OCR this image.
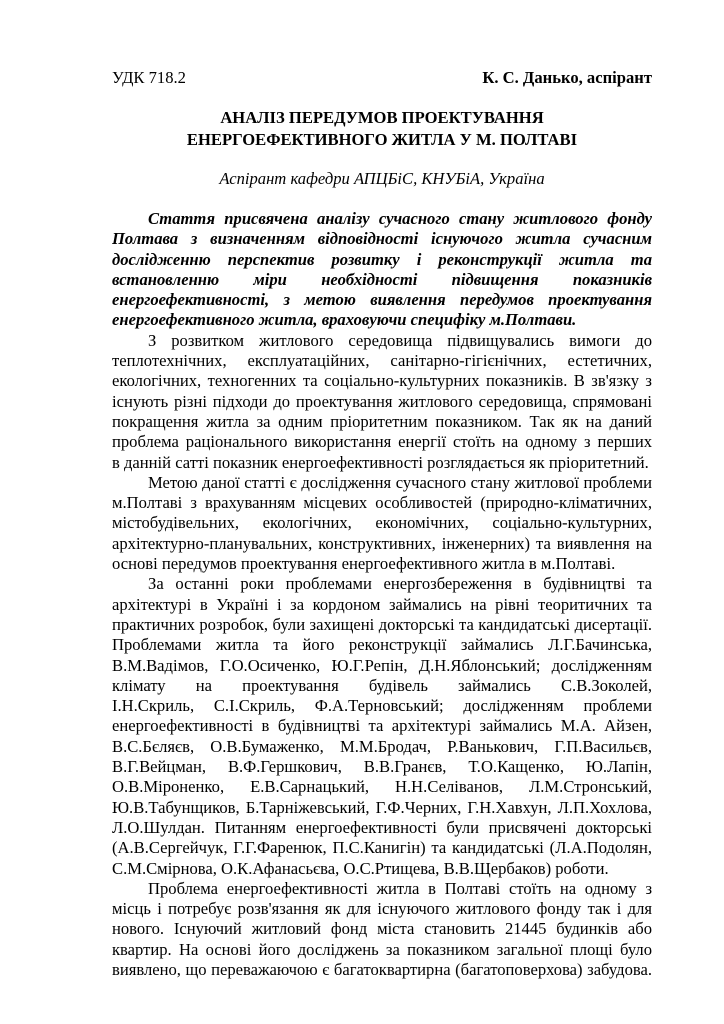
УДК 718.2	К. С. Данько, аспірант
АНАЛІЗ ПЕРЕДУМОВ ПРОЕКТУВАННЯ
ЕНЕРГОЕФЕКТИВНОГО ЖИТЛА У М. ПОЛТАВІ
Аспірант кафедри АПЦБіС, КНУБіА, Україна
Стаття присвячена аналізу сучасного стану житлового фонду
Полтава з визначенням відповідності існуючого житла сучасним
дослідженню перспектив розвитку і реконструкції житла та
встановленню міри необхідності підвищення показників
енергоефективності, з метою виявлення передумов проектування
енергоефективного житла, враховуючи специфіку м.Полтави.
З розвитком житлового середовища підвищувались вимоги до
теплотехнічних, експлуатаційних, санітарно-гігієнічних, естетичних,
екологічних, техногенних та соціально-культурних показників. В зв'язку з
існують різні підходи до проектування житлового середовища, спрямовані
покращення житла за одним пріоритетним показником. Так як на даний
проблема раціонального використання енергії стоїть на одному з перших
в данній сатті показник енергоефективності розглядається як пріоритетний.
Метою даної статті є дослідження сучасного стану житлової проблеми
м.Полтаві з врахуванням місцевих особливостей (природно-кліматичних,
містобудівельних, екологічних, економічних, соціально-культурних,
архітектурно-планувальних, конструктивних, інженерних) та виявлення на
основі передумов проектування енергоефективного житла в м.Полтаві.
За останні роки проблемами енергозбереження в будівництві та
архітектурі в Україні і за кордоном займались на рівні теоритичних та
практичних розробок, були захищені докторські та кандидатські дисертації.
Проблемами житла та його реконструкції займались Л.Г.Бачинська,
В.М.Вадімов, Г.О.Осиченко, Ю.Г.Репін, Д.Н.Яблонський; дослідженням
клімату на проектування будівель займались С.В.Зоколей,
І.Н.Скриль, С.І.Скриль, Ф.А.Терновський; дослідженням проблеми
енергоефективності в будівництві та архітектурі займались М.А. Айзен,
В.С.Бєляєв, О.В.Бумаженко, М.М.Бродач, Р.Ванькович, Г.П.Васильєв,
В.Г.Вейцман, В.Ф.Гершкович, В.В.Гранєв, Т.О.Кащенко, Ю.Лапін,
О.В.Міроненко, Е.В.Сарнацький, Н.Н.Селіванов, Л.М.Стронський,
Ю.В.Табунщиков, Б.Тарніжевський, Г.Ф.Черних, Г.Н.Хавхун, Л.П.Хохлова,
Л.О.Шулдан. Питанням енергоефективності були присвячені докторські
(А.В.Сергейчук, Г.Г.Фаренюк, П.С.Канигін) та кандидатські (Л.А.Подолян,
С.М.Смірнова, О.К.Афанасьєва, О.С.Ртищева, В.В.Щербаков) роботи.
Проблема енергоефективності житла в Полтаві стоїть на одному з
місць і потребує розв'язання як для існуючого житлового фонду так і для
нового. Існуючий житловий фонд міста становить 21445 будинків або
квартир. На основі його досліджень за показником загальної площі було
виявлено, що переважаючою є багатоквартирна (багатоповерхова) забудова.
